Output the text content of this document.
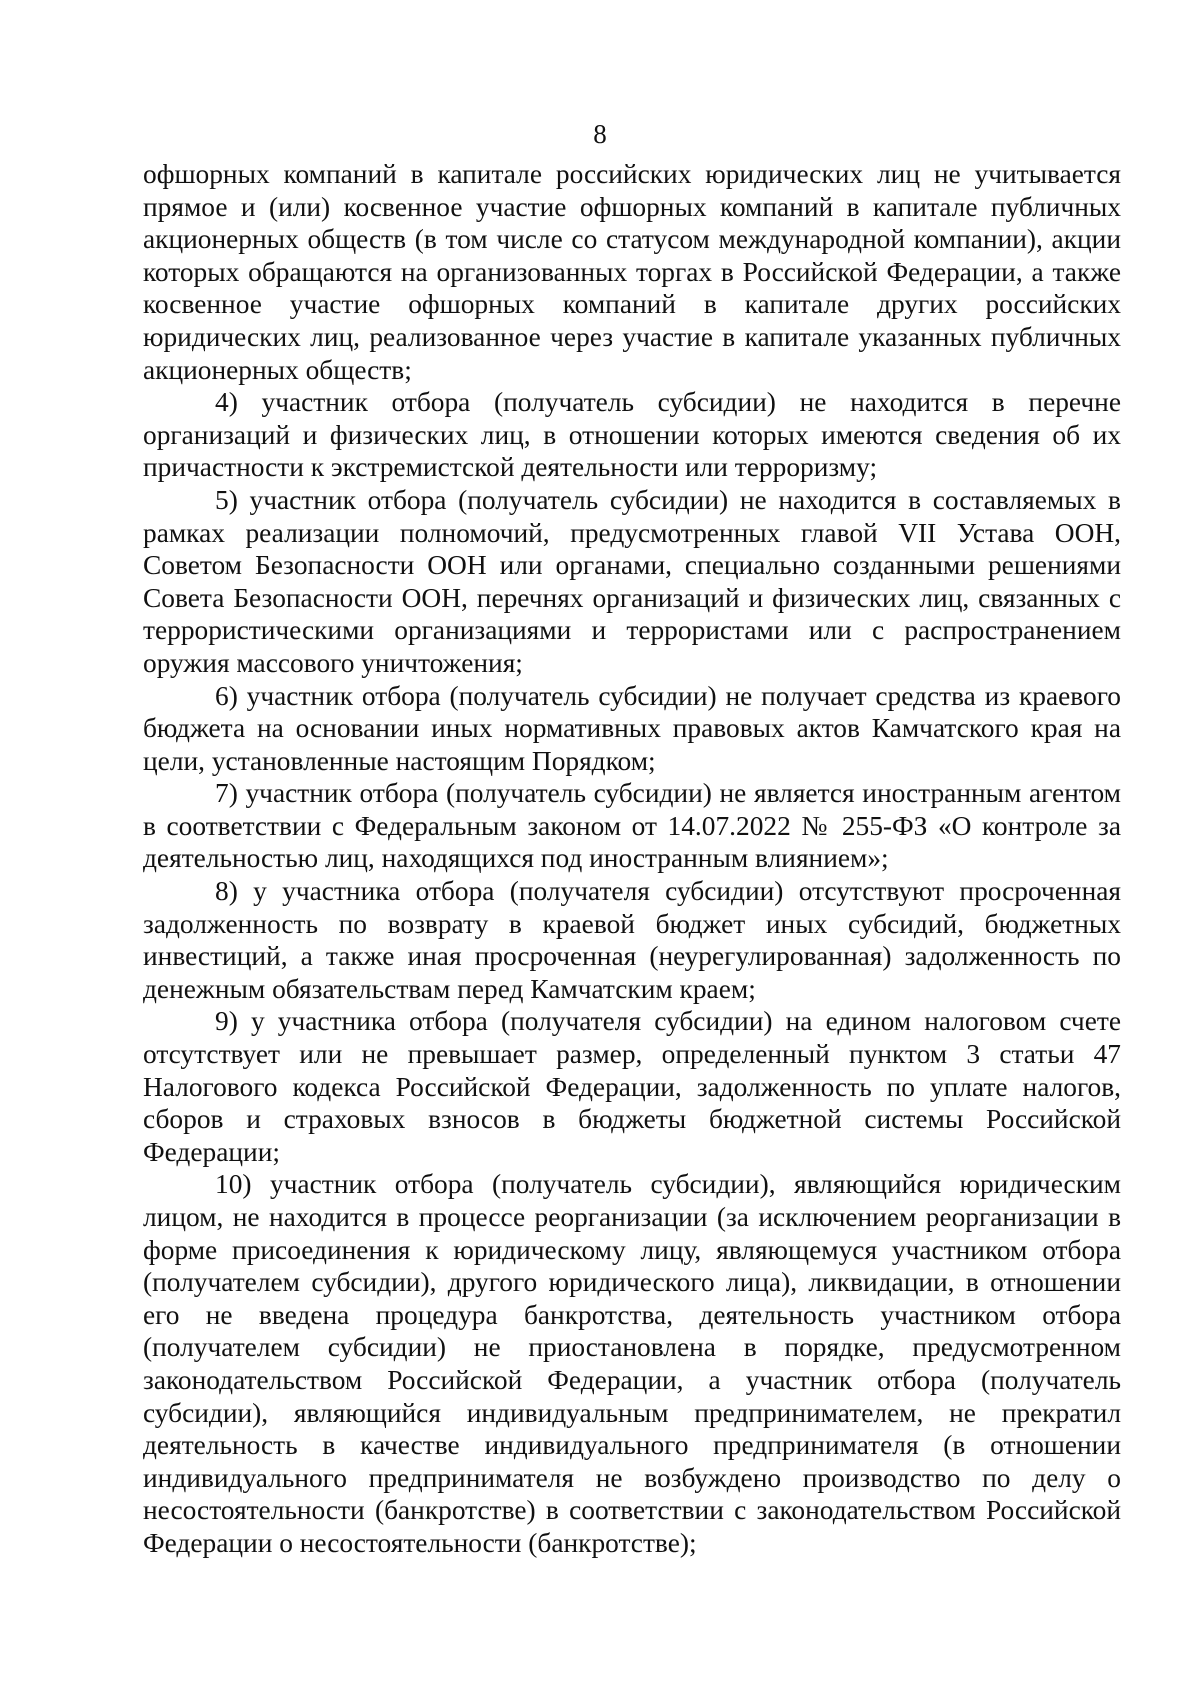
8

офшорных компаний в капитале российских юридических лиц не учитывается прямое и (или) косвенное участие офшорных компаний в капитале публичных акционерных обществ (в том числе со статусом международной компании), акции которых обращаются на организованных торгах в Российской Федерации, а также косвенное участие офшорных компаний в капитале других российских юридических лиц, реализованное через участие в капитале указанных публичных акционерных обществ;

4) участник отбора (получатель субсидии) не находится в перечне организаций и физических лиц, в отношении которых имеются сведения об их причастности к экстремистской деятельности или терроризму;

5) участник отбора (получатель субсидии) не находится в составляемых в рамках реализации полномочий, предусмотренных главой VII Устава ООН, Советом Безопасности ООН или органами, специально созданными решениями Совета Безопасности ООН, перечнях организаций и физических лиц, связанных с террористическими организациями и террористами или с распространением оружия массового уничтожения;

6) участник отбора (получатель субсидии) не получает средства из краевого бюджета на основании иных нормативных правовых актов Камчатского края на цели, установленные настоящим Порядком;

7) участник отбора (получатель субсидии) не является иностранным агентом в соответствии с Федеральным законом от 14.07.2022 № 255-ФЗ «О контроле за деятельностью лиц, находящихся под иностранным влиянием»;

8) у участника отбора (получателя субсидии) отсутствуют просроченная задолженность по возврату в краевой бюджет иных субсидий, бюджетных инвестиций, а также иная просроченная (неурегулированная) задолженность по денежным обязательствам перед Камчатским краем;

9) у участника отбора (получателя субсидии) на едином налоговом счете отсутствует или не превышает размер, определенный пунктом 3 статьи 47 Налогового кодекса Российской Федерации, задолженность по уплате налогов, сборов и страховых взносов в бюджеты бюджетной системы Российской Федерации;

10) участник отбора (получатель субсидии), являющийся юридическим лицом, не находится в процессе реорганизации (за исключением реорганизации в форме присоединения к юридическому лицу, являющемуся участником отбора (получателем субсидии), другого юридического лица), ликвидации, в отношении его не введена процедура банкротства, деятельность участником отбора (получателем субсидии) не приостановлена в порядке, предусмотренном законодательством Российской Федерации, а участник отбора (получатель субсидии), являющийся индивидуальным предпринимателем, не прекратил деятельность в качестве индивидуального предпринимателя (в отношении индивидуального предпринимателя не возбуждено производство по делу о несостоятельности (банкротстве) в соответствии с законодательством Российской Федерации о несостоятельности (банкротстве);
